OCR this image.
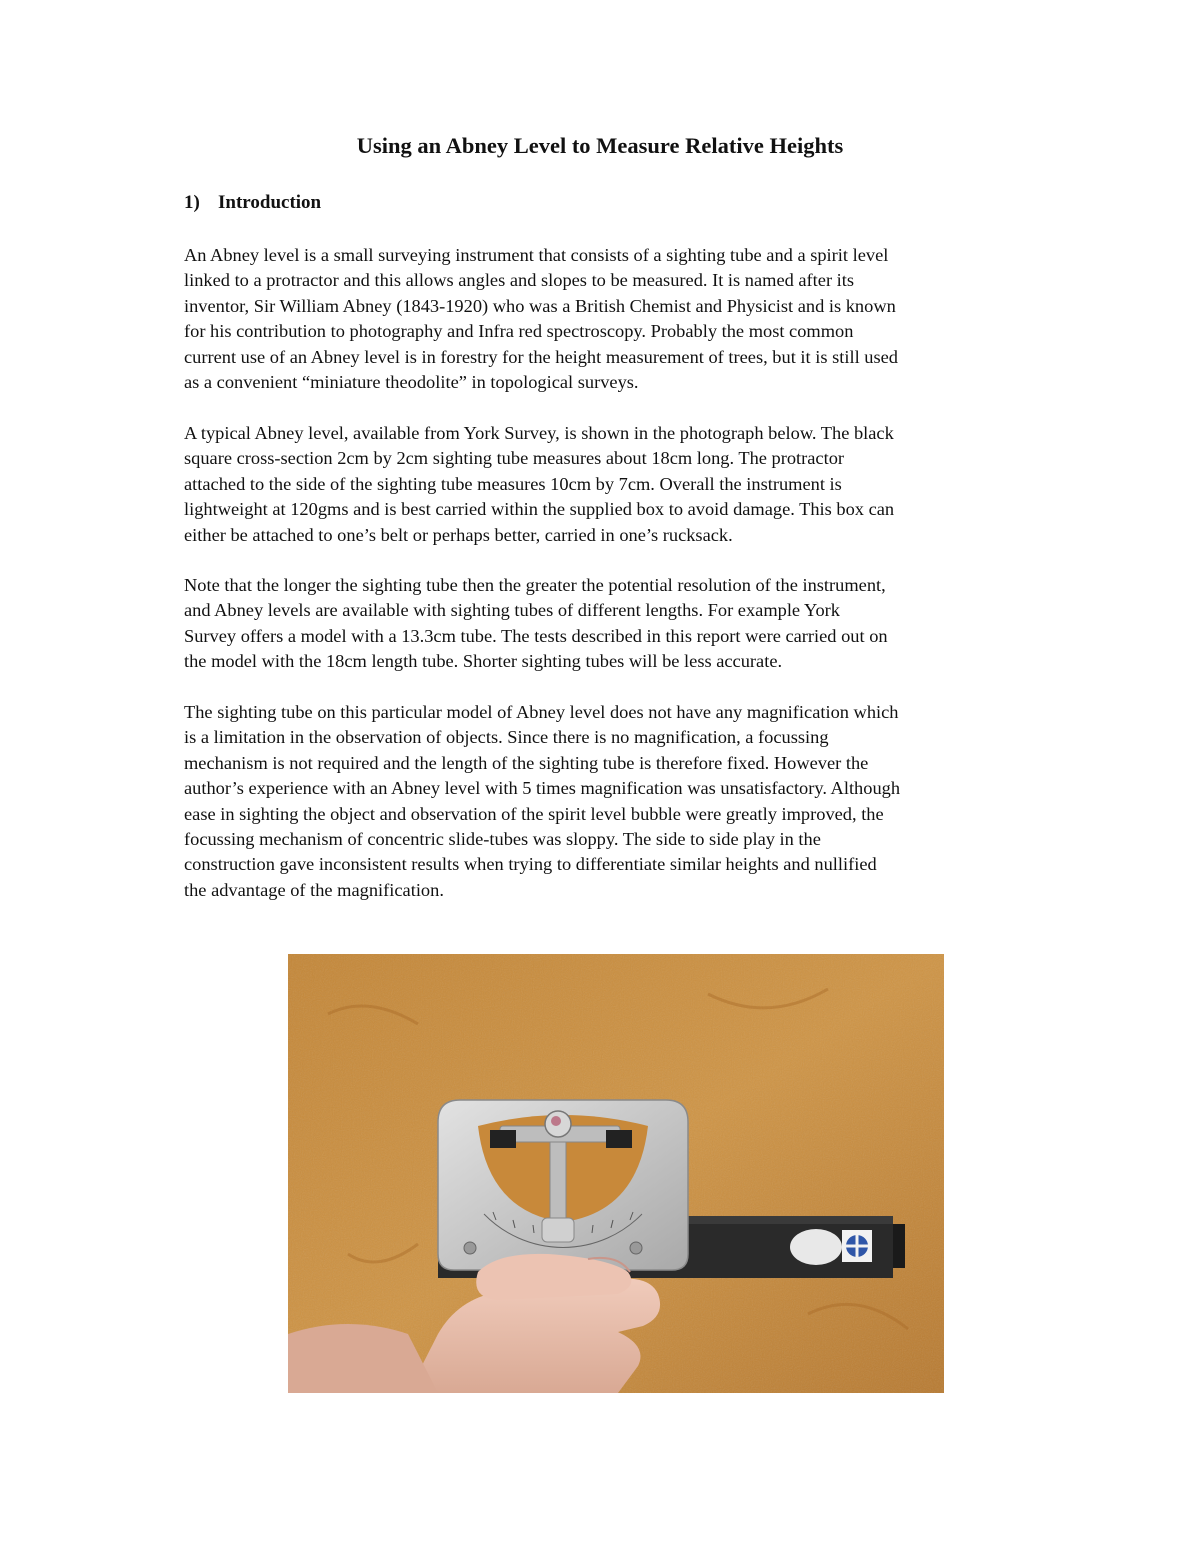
Using an Abney Level to Measure Relative Heights
1) Introduction

An Abney level is a small surveying instrument that consists of a sighting tube and a spirit level
linked to a protractor and this allows angles and slopes to be measured. It is named after its
inventor, Sir William Abney (1843-1920) who was a British Chemist and Physicist and is known
for his contribution to photography and Infra red spectroscopy. Probably the most common
current use of an Abney level is in forestry for the height measurement of trees, but it is still used
as a convenient “miniature theodolite” in topological surveys.

A typical Abney level, available from York Survey, is shown in the photograph below. The black
square cross-section 2cm by 2cm sighting tube measures about 18cm long. The protractor
attached to the side of the sighting tube measures 10cm by 7cm. Overall the instrument is
lightweight at 120gms and is best carried within the supplied box to avoid damage. This box can
either be attached to one’s belt or perhaps better, carried in one’s rucksack.

Note that the longer the sighting tube then the greater the potential resolution of the instrument,
and Abney levels are available with sighting tubes of different lengths. For example York
Survey offers a model with a 13.3cm tube. The tests described in this report were carried out on
the model with the 18cm length tube. Shorter sighting tubes will be less accurate.

The sighting tube on this particular model of Abney level does not have any magnification which
is a limitation in the observation of objects. Since there is no magnification, a focussing
mechanism is not required and the length of the sighting tube is therefore fixed. However the
author’s experience with an Abney level with 5 times magnification was unsatisfactory. Although
ease in sighting the object and observation of the spirit level bubble were greatly improved, the
focussing mechanism of concentric slide-tubes was sloppy. The side to side play in the
construction gave inconsistent results when trying to differentiate similar heights and nullified
the advantage of the magnification.
